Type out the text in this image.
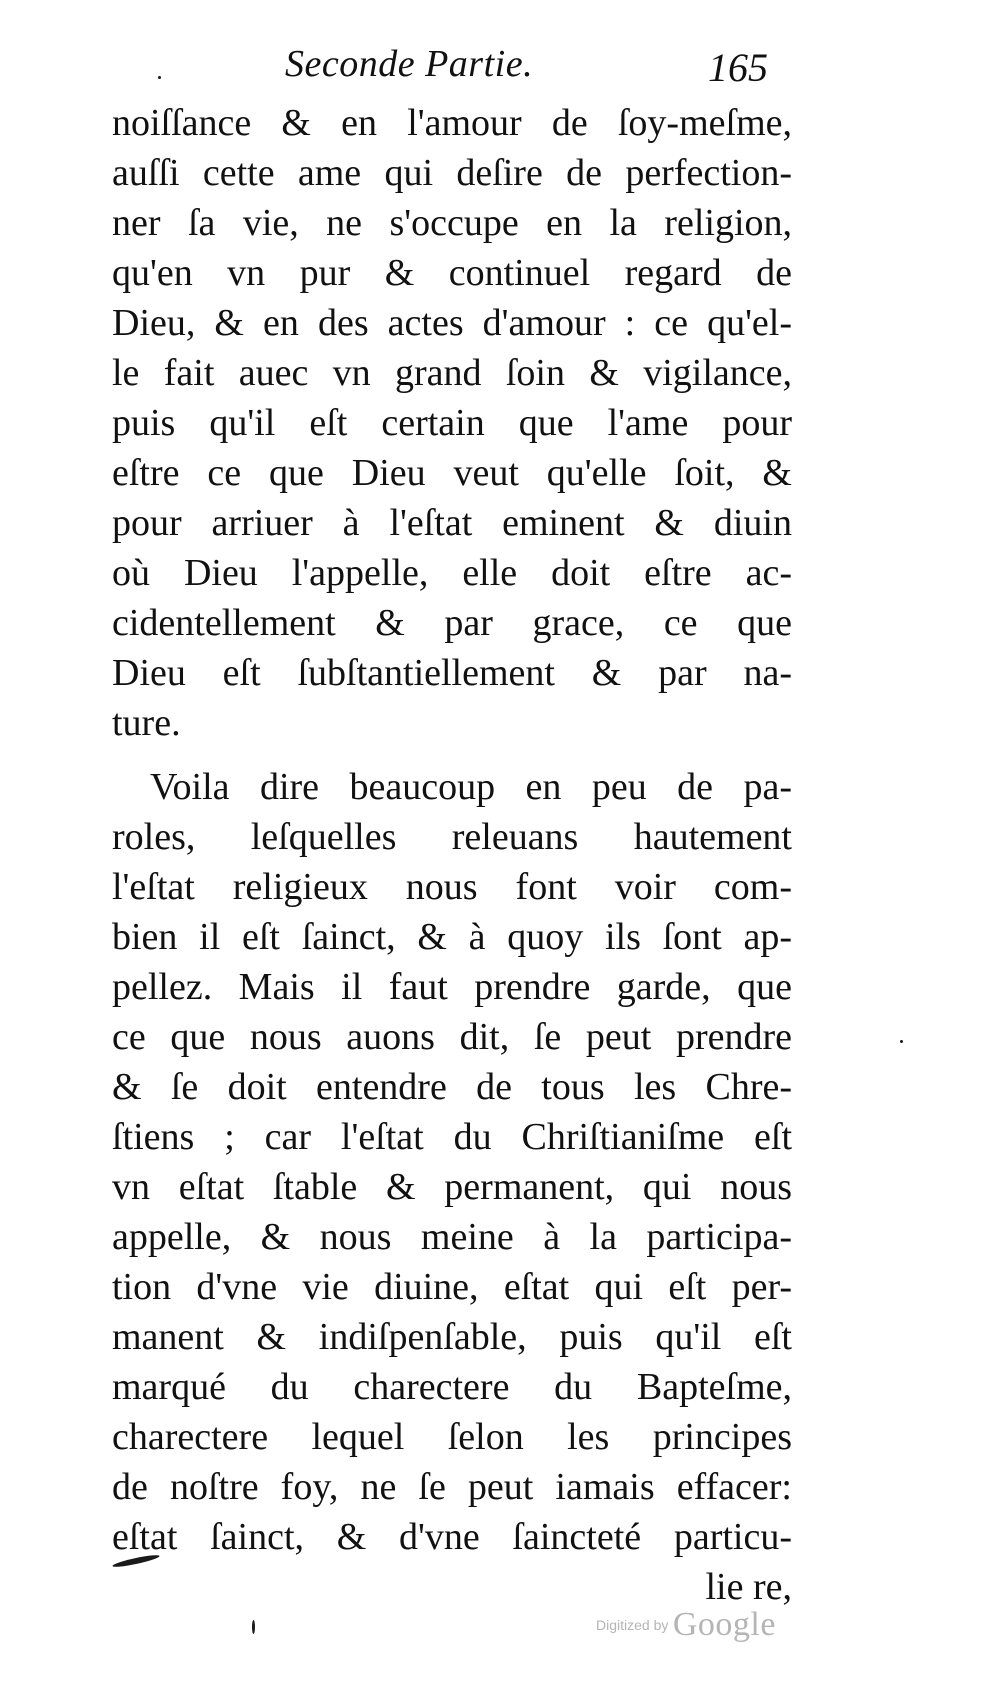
Seconde Partie.	165
noiſſance & en l'amour de ſoy-meſme,
auſſi cette ame qui deſire de perfection-
ner ſa vie, ne s'occupe en la religion,
qu'en vn pur & continuel regard de
Dieu, & en des actes d'amour : ce qu'el-
le fait auec vn grand ſoin & vigilance,
puis qu'il eſt certain que l'ame pour
eſtre ce que Dieu veut qu'elle ſoit, &
pour arriuer à l'eſtat eminent & diuin
où Dieu l'appelle, elle doit eſtre ac-
cidentellement & par grace, ce que
Dieu eſt ſubſtantiellement & par na-
ture.
Voila dire beaucoup en peu de pa-
roles, leſquelles releuans hautement
l'eſtat religieux nous font voir com-
bien il eſt ſainct, & à quoy ils ſont ap-
pellez. Mais il faut prendre garde, que
ce que nous auons dit, ſe peut prendre
& ſe doit entendre de tous les Chre-
ſtiens ; car l'eſtat du Chriſtianiſme eſt
vn eſtat ſtable & permanent, qui nous
appelle, & nous meine à la participa-
tion d'vne vie diuine, eſtat qui eſt per-
manent & indiſpenſable, puis qu'il eſt
marqué du charectere du Bapteſme,
charectere lequel ſelon les principes
de noſtre foy, ne ſe peut iamais effacer:
eſtat ſainct, & d'vne ſaincteté particu-
lie re,
Digitized by Google
